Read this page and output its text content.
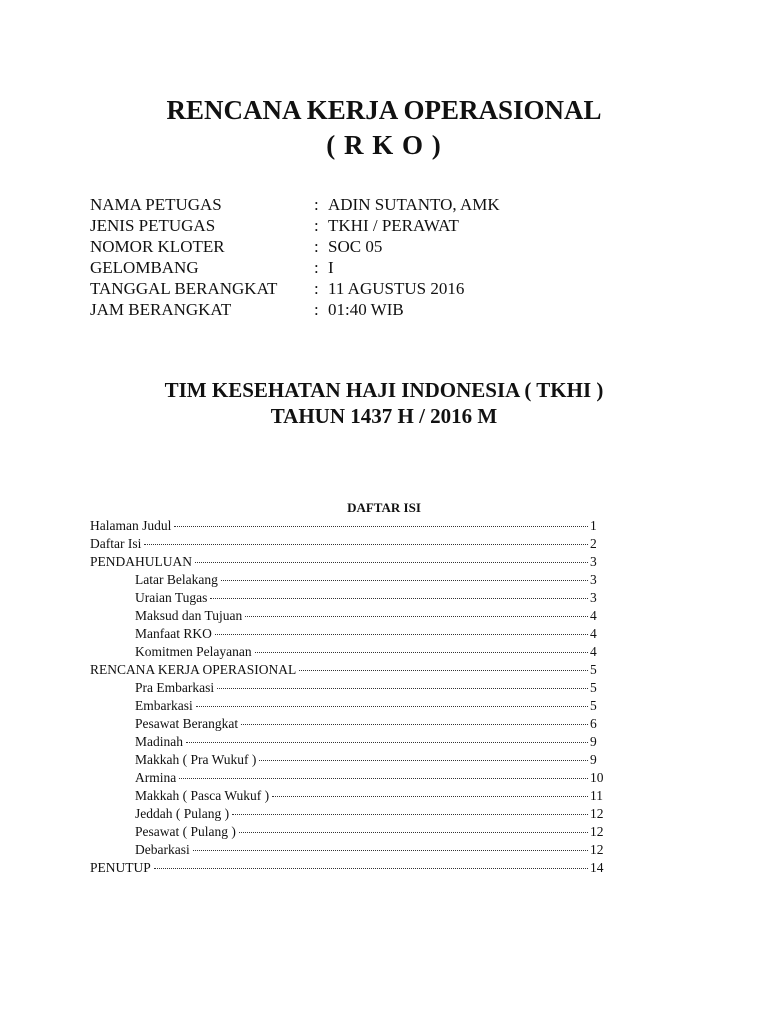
RENCANA KERJA OPERASIONAL
( R K O )
NAMA PETUGAS	: ADIN SUTANTO, AMK
JENIS PETUGAS	: TKHI / PERAWAT
NOMOR KLOTER	: SOC 05
GELOMBANG	: I
TANGGAL BERANGKAT	: 11 AGUSTUS 2016
JAM BERANGKAT	: 01:40 WIB
TIM KESEHATAN HAJI INDONESIA ( TKHI )
TAHUN 1437 H / 2016 M
DAFTAR ISI
Halaman Judul	1
Daftar Isi	2
PENDAHULUAN	3
Latar Belakang	3
Uraian Tugas	3
Maksud dan Tujuan	4
Manfaat RKO	4
Komitmen Pelayanan	4
RENCANA KERJA OPERASIONAL	5
Pra Embarkasi	5
Embarkasi	5
Pesawat Berangkat	6
Madinah	9
Makkah ( Pra Wukuf )	9
Armina	10
Makkah ( Pasca Wukuf )	11
Jeddah ( Pulang )	12
Pesawat ( Pulang )	12
Debarkasi	12
PENUTUP	14
